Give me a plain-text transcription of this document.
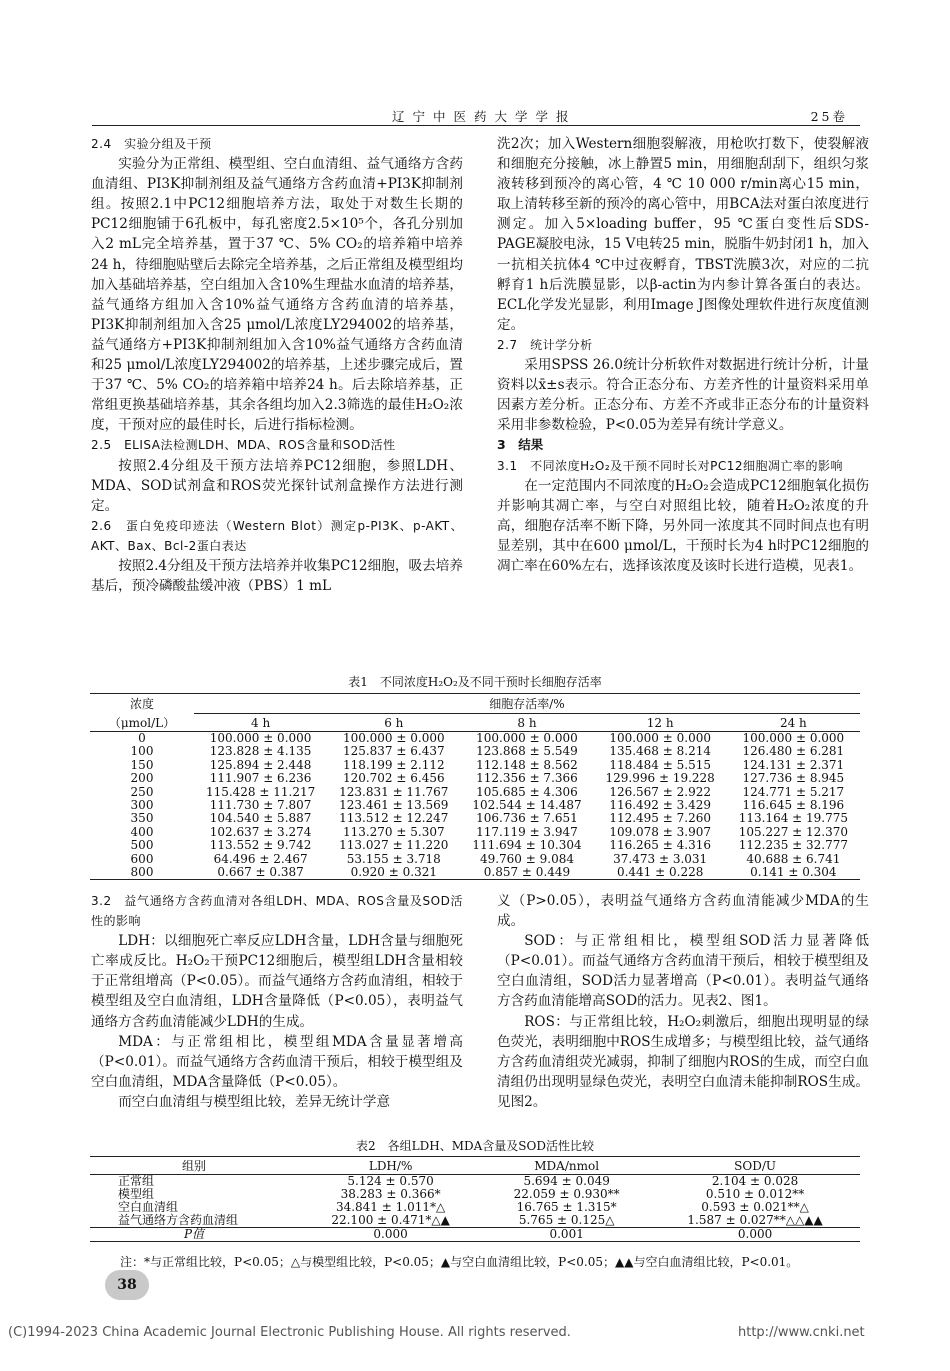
辽宁中医药大学学报	25卷

2.4　实验分组及干预

实验分为正常组、模型组、空白血清组、益气通络方含药血清组、PI3K抑制剂组及益气通络方含药血清+PI3K抑制剂组。按照2.1中PC12细胞培养方法，取处于对数生长期的PC12细胞铺于6孔板中，每孔密度2.5×10⁵个，各孔分别加入2 mL完全培养基，置于37 ℃、5% CO₂的培养箱中培养24 h，待细胞贴壁后去除完全培养基，之后正常组及模型组均加入基础培养基，空白组加入含10%生理盐水血清的培养基，益气通络方组加入含10%益气通络方含药血清的培养基，PI3K抑制剂组加入含25 μmol/L浓度LY294002的培养基，益气通络方+PI3K抑制剂组加入含10%益气通络方含药血清和25 μmol/L浓度LY294002的培养基，上述步骤完成后，置于37 ℃、5% CO₂的培养箱中培养24 h。后去除培养基，正常组更换基础培养基，其余各组均加入2.3筛选的最佳H₂O₂浓度，干预对应的最佳时长，后进行指标检测。

2.5　ELISA法检测LDH、MDA、ROS含量和SOD活性

按照2.4分组及干预方法培养PC12细胞，参照LDH、MDA、SOD试剂盒和ROS荧光探针试剂盒操作方法进行测定。

2.6　蛋白免疫印迹法（Western Blot）测定p-PI3K、p-AKT、AKT、Bax、Bcl-2蛋白表达

按照2.4分组及干预方法培养并收集PC12细胞，吸去培养基后，预冷磷酸盐缓冲液（PBS）1 mL

洗2次；加入Western细胞裂解液，用枪吹打数下，使裂解液和细胞充分接触，冰上静置5 min，用细胞刮刮下，组织匀浆液转移到预冷的离心管，4 ℃ 10 000 r/min离心15 min，取上清转移至新的预冷的离心管中，用BCA法对蛋白浓度进行测定。加入5×loading buffer，95 ℃蛋白变性后SDS-PAGE凝胶电泳，15 V电转25 min，脱脂牛奶封闭1 h，加入一抗相关抗体4 ℃中过夜孵育，TBST洗膜3次，对应的二抗孵育1 h后洗膜显影，以β-actin为内参计算各蛋白的表达。ECL化学发光显影，利用Image J图像处理软件进行灰度值测定。

2.7　统计学分析

采用SPSS 26.0统计分析软件对数据进行统计分析，计量资料以x̄±s表示。符合正态分布、方差齐性的计量资料采用单因素方差分析。正态分布、方差不齐或非正态分布的计量资料采用非参数检验，P<0.05为差异有统计学意义。

3　结果

3.1　不同浓度H₂O₂及干预不同时长对PC12细胞凋亡率的影响

在一定范围内不同浓度的H₂O₂会造成PC12细胞氧化损伤并影响其凋亡率，与空白对照组比较，随着H₂O₂浓度的升高，细胞存活率不断下降，另外同一浓度其不同时间点也有明显差别，其中在600 μmol/L，干预时长为4 h时PC12细胞的凋亡率在60%左右，选择该浓度及该时长进行造模，见表1。

表1　不同浓度H₂O₂及不同干预时长细胞存活率
浓度	细胞存活率/%				
（μmol/L）	4 h	6 h	8 h	12 h	24 h
0	100.000 ± 0.000	100.000 ± 0.000	100.000 ± 0.000	100.000 ± 0.000	100.000 ± 0.000
100	123.828 ± 4.135	125.837 ± 6.437	123.868 ± 5.549	135.468 ± 8.214	126.480 ± 6.281
150	125.894 ± 2.448	118.199 ± 2.112	112.148 ± 8.562	118.484 ± 5.515	124.131 ± 2.371
200	111.907 ± 6.236	120.702 ± 6.456	112.356 ± 7.366	129.996 ± 19.228	127.736 ± 8.945
250	115.428 ± 11.217	123.831 ± 11.767	105.685 ± 4.306	126.567 ± 2.922	124.771 ± 5.217
300	111.730 ± 7.807	123.461 ± 13.569	102.544 ± 14.487	116.492 ± 3.429	116.645 ± 8.196
350	104.540 ± 5.887	113.512 ± 12.247	106.736 ± 7.651	112.495 ± 7.260	113.164 ± 19.775
400	102.637 ± 3.274	113.270 ± 5.307	117.119 ± 3.947	109.078 ± 3.907	105.227 ± 12.370
500	113.552 ± 9.742	113.027 ± 11.220	111.694 ± 10.304	116.265 ± 4.316	112.235 ± 32.777
600	64.496 ± 2.467	53.155 ± 3.718	49.760 ± 9.084	37.473 ± 3.031	40.688 ± 6.741
800	0.667 ± 0.387	0.920 ± 0.321	0.857 ± 0.449	0.441 ± 0.228	0.141 ± 0.304

3.2　益气通络方含药血清对各组LDH、MDA、ROS含量及SOD活性的影响

LDH：以细胞死亡率反应LDH含量，LDH含量与细胞死亡率成反比。H₂O₂干预PC12细胞后，模型组LDH含量相较于正常组增高（P<0.05）。而益气通络方含药血清组，相较于模型组及空白血清组，LDH含量降低（P<0.05），表明益气通络方含药血清能减少LDH的生成。

MDA：与正常组相比，模型组MDA含量显著增高（P<0.01）。而益气通络方含药血清干预后，相较于模型组及空白血清组，MDA含量降低（P<0.05）。

而空白血清组与模型组比较，差异无统计学意

义（P>0.05），表明益气通络方含药血清能减少MDA的生成。

SOD：与正常组相比，模型组SOD活力显著降低（P<0.01）。而益气通络方含药血清干预后，相较于模型组及空白血清组，SOD活力显著增高（P<0.01）。表明益气通络方含药血清能增高SOD的活力。见表2、图1。

ROS：与正常组比较，H₂O₂刺激后，细胞出现明显的绿色荧光，表明细胞中ROS生成增多；与模型组比较，益气通络方含药血清组荧光减弱，抑制了细胞内ROS的生成，而空白血清组仍出现明显绿色荧光，表明空白血清未能抑制ROS生成。见图2。

表2　各组LDH、MDA含量及SOD活性比较
组别	LDH/%	MDA/nmol	SOD/U
正常组	5.124 ± 0.570	5.694 ± 0.049	2.104 ± 0.028
模型组	38.283 ± 0.366*	22.059 ± 0.930**	0.510 ± 0.012**
空白血清组	34.841 ± 1.011*△	16.765 ± 1.315*	0.593 ± 0.021**△
益气通络方含药血清组	22.100 ± 0.471*△▲	5.765 ± 0.125△	1.587 ± 0.027**△△▲▲
P值	0.000	0.001	0.000
注：*与正常组比较，P<0.05；△与模型组比较，P<0.05；▲与空白血清组比较，P<0.05；▲▲与空白血清组比较，P<0.01。
38
(C)1994-2023 China Academic Journal Electronic Publishing House. All rights reserved.	http://www.cnki.net
